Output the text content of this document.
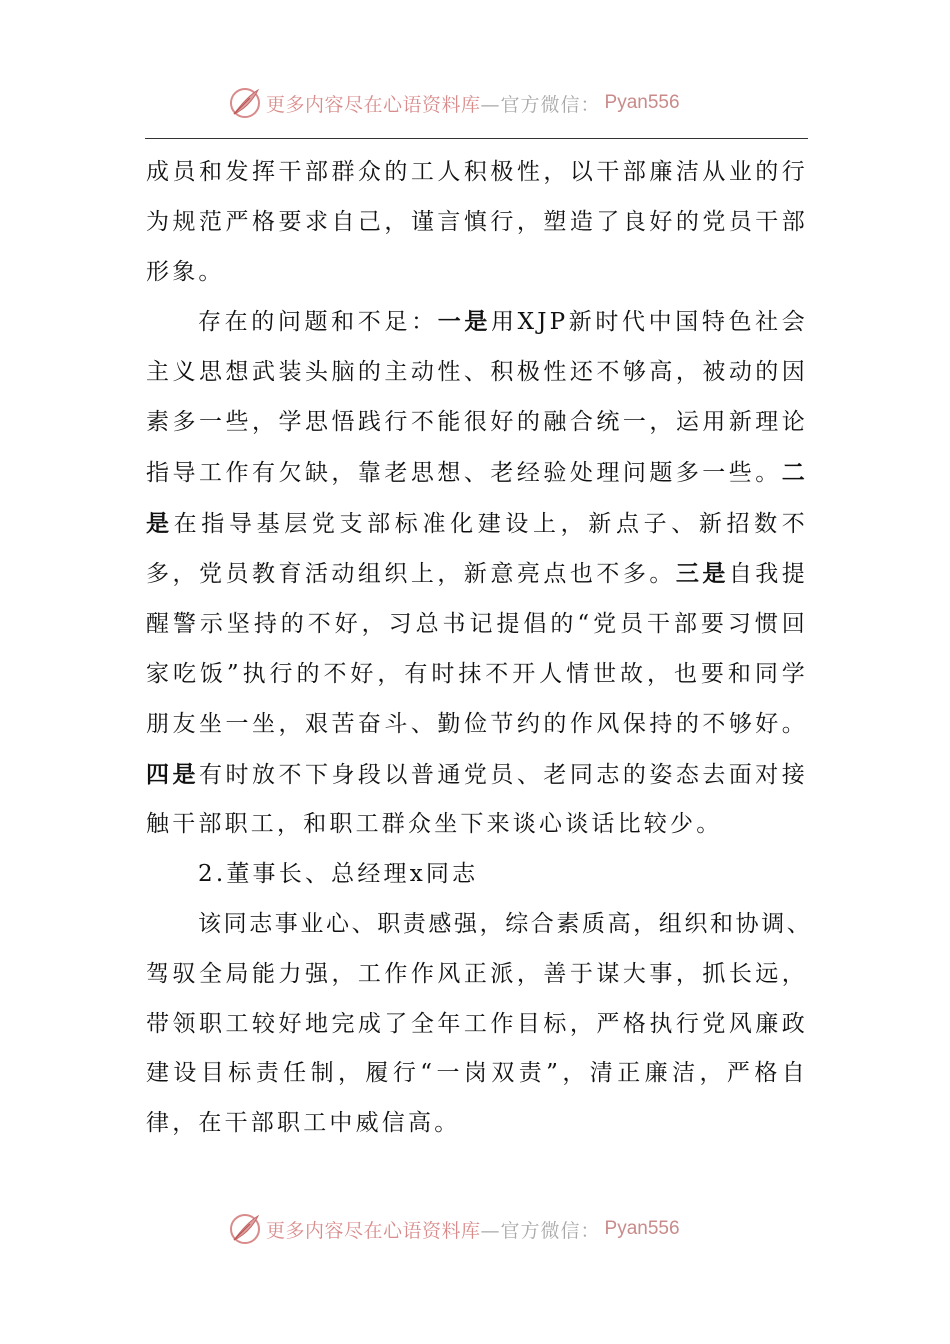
更多内容尽在心语资料库 —官方微信： Pyan556

成员和发挥干部群众的工人积极性，以干部廉洁从业的行为规范严格要求自己，谨言慎行，塑造了良好的党员干部形象。

存在的问题和不足：一是用XJP新时代中国特色社会主义思想武装头脑的主动性、积极性还不够高，被动的因素多一些，学思悟践行不能很好的融合统一，运用新理论指导工作有欠缺，靠老思想、老经验处理问题多一些。二是在指导基层党支部标准化建设上，新点子、新招数不多，党员教育活动组织上，新意亮点也不多。三是自我提醒警示坚持的不好，习总书记提倡的“党员干部要习惯回家吃饭”执行的不好，有时抹不开人情世故，也要和同学朋友坐一坐，艰苦奋斗、勤俭节约的作风保持的不够好。四是有时放不下身段以普通党员、老同志的姿态去面对接触干部职工，和职工群众坐下来谈心谈话比较少。

2.董事长、总经理x同志

该同志事业心、职责感强，综合素质高，组织和协调、

驾驭全局能力强，工作作风正派，善于谋大事，抓长远，带领职工较好地完成了全年工作目标，严格执行党风廉政建设目标责任制，履行“一岗双责”，清正廉洁，严格自律，在干部职工中威信高。

更多内容尽在心语资料库 —官方微信： Pyan556
